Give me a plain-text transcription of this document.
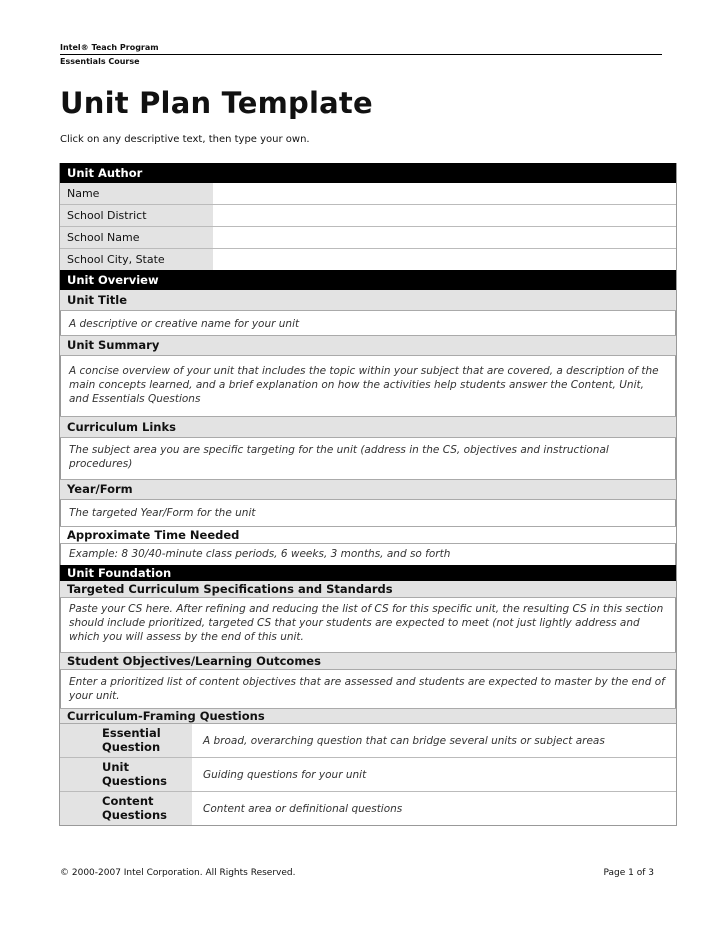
Intel® Teach Program
Essentials Course
Unit Plan Template
Click on any descriptive text, then type your own.
Unit Author
Name
School District
School Name
School City, State
Unit Overview
Unit Title
A descriptive or creative name for your unit
Unit Summary
A concise overview of your unit that includes the topic within your subject that are covered, a description of the main concepts learned, and a brief explanation on how the activities help students answer the Content, Unit, and Essentials Questions
Curriculum Links
The subject area you are specific targeting for the unit (address in the CS, objectives and instructional procedures)
Year/Form
The targeted Year/Form for the unit
Approximate Time Needed
Example: 8 30/40-minute class periods, 6 weeks, 3 months, and so forth
Unit Foundation
Targeted Curriculum Specifications and Standards
Paste your CS here. After refining and reducing the list of CS for this specific unit, the resulting CS in this section should include prioritized, targeted CS that your students are expected to meet (not just lightly address and which you will assess by the end of this unit.
Student Objectives/Learning Outcomes
Enter a prioritized list of content objectives that are assessed and students are expected to master by the end of your unit.
Curriculum-Framing Questions
Essential Question	A broad, overarching question that can bridge several units or subject areas
Unit Questions	Guiding questions for your unit
Content Questions	Content area or definitional questions
© 2000-2007 Intel Corporation. All Rights Reserved.	Page 1 of 3
